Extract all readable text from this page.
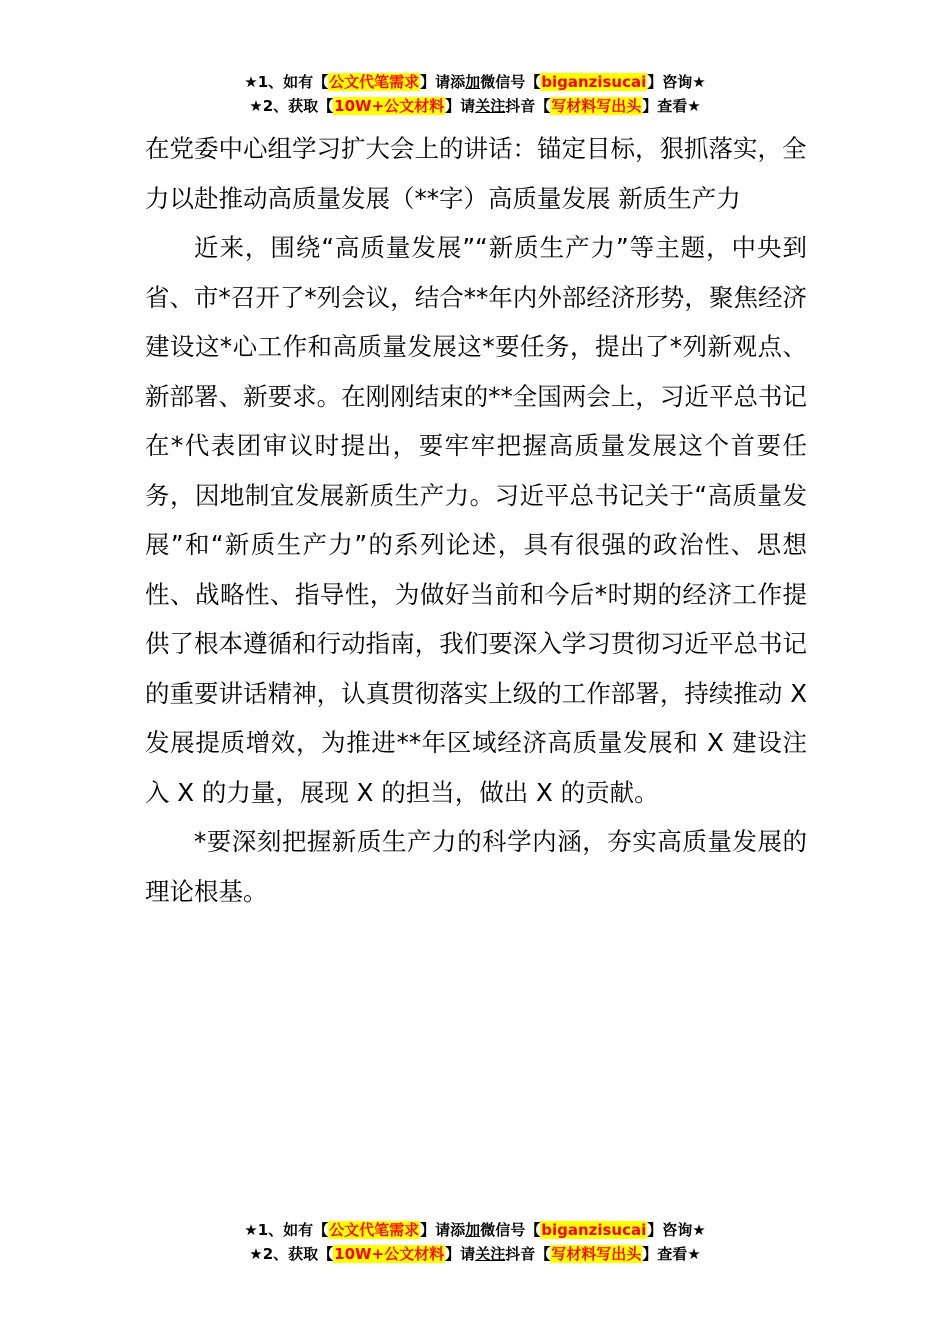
★1、如有【公文代笔需求】请添加微信号【biganzisucai】咨询★
★2、获取【10W+公文材料】请关注抖音【写材料写出头】查看★

在党委中心组学习扩大会上的讲话：锚定目标，狠抓落实，全力以赴推动高质量发展（**字）高质量发展 新质生产力

近来，围绕“高质量发展”“新质生产力”等主题，中央到省、市*召开了*列会议，结合**年内外部经济形势，聚焦经济建设这*心工作和高质量发展这*要任务，提出了*列新观点、新部署、新要求。在刚刚结束的**全国两会上，习近平总书记在*代表团审议时提出，要牢牢把握高质量发展这个首要任务，因地制宜发展新质生产力。习近平总书记关于“高质量发展”和“新质生产力”的系列论述，具有很强的政治性、思想性、战略性、指导性，为做好当前和今后*时期的经济工作提供了根本遵循和行动指南，我们要深入学习贯彻习近平总书记的重要讲话精神，认真贯彻落实上级的工作部署，持续推动 X 发展提质增效，为推进**年区域经济高质量发展和 X 建设注入 X 的力量，展现 X 的担当，做出 X 的贡献。

*要深刻把握新质生产力的科学内涵，夯实高质量发展的理论根基。

★1、如有【公文代笔需求】请添加微信号【biganzisucai】咨询★
★2、获取【10W+公文材料】请关注抖音【写材料写出头】查看★
